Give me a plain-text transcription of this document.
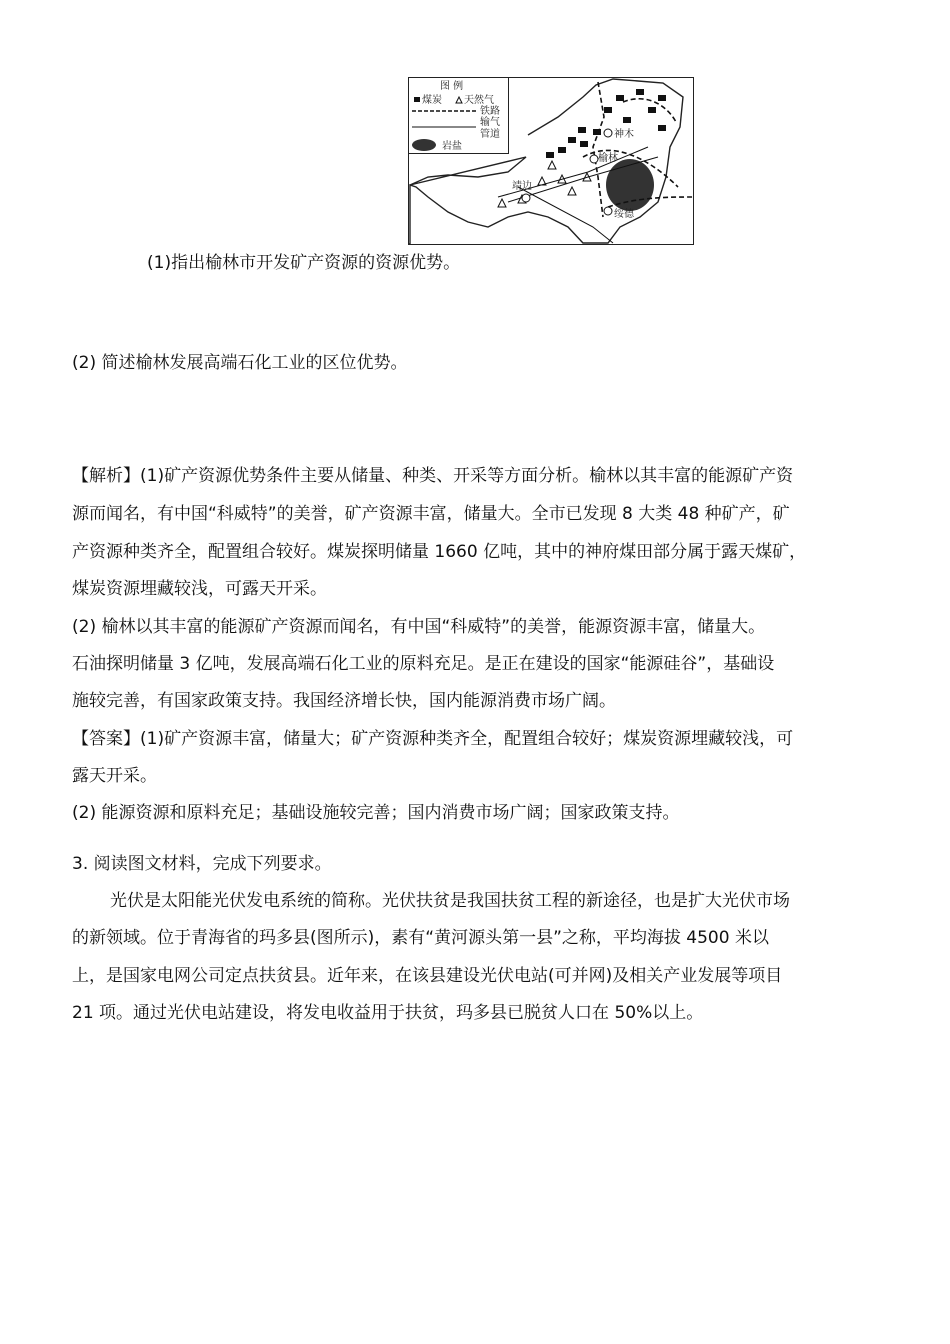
神木
榆林
靖边
绥德
图 例
煤炭 天然气
铁路
输气
管道
岩盐
(1)指出榆林市开发矿产资源的资源优势。
(2) 简述榆林发展高端石化工业的区位优势。
【解析】(1)矿产资源优势条件主要从储量、种类、开采等方面分析。榆林以其丰富的能源矿产资
源而闻名，有中国“科威特”的美誉，矿产资源丰富，储量大。全市已发现 8 大类 48 种矿产，矿
产资源种类齐全，配置组合较好。煤炭探明储量 1660 亿吨，其中的神府煤田部分属于露天煤矿，
煤炭资源埋藏较浅，可露天开采。
(2) 榆林以其丰富的能源矿产资源而闻名，有中国“科威特”的美誉，能源资源丰富，储量大。
石油探明储量 3 亿吨，发展高端石化工业的原料充足。是正在建设的国家“能源硅谷”，基础设
施较完善，有国家政策支持。我国经济增长快，国内能源消费市场广阔。
【答案】(1)矿产资源丰富，储量大；矿产资源种类齐全，配置组合较好；煤炭资源埋藏较浅，可
露天开采。
(2) 能源资源和原料充足；基础设施较完善；国内消费市场广阔；国家政策支持。
3. 阅读图文材料，完成下列要求。
光伏是太阳能光伏发电系统的简称。光伏扶贫是我国扶贫工程的新途径，也是扩大光伏市场
的新领域。位于青海省的玛多县(图所示)，素有“黄河源头第一县”之称，平均海拔 4500 米以
上，是国家电网公司定点扶贫县。近年来，在该县建设光伏电站(可并网)及相关产业发展等项目
21 项。通过光伏电站建设，将发电收益用于扶贫，玛多县已脱贫人口在 50%以上。
